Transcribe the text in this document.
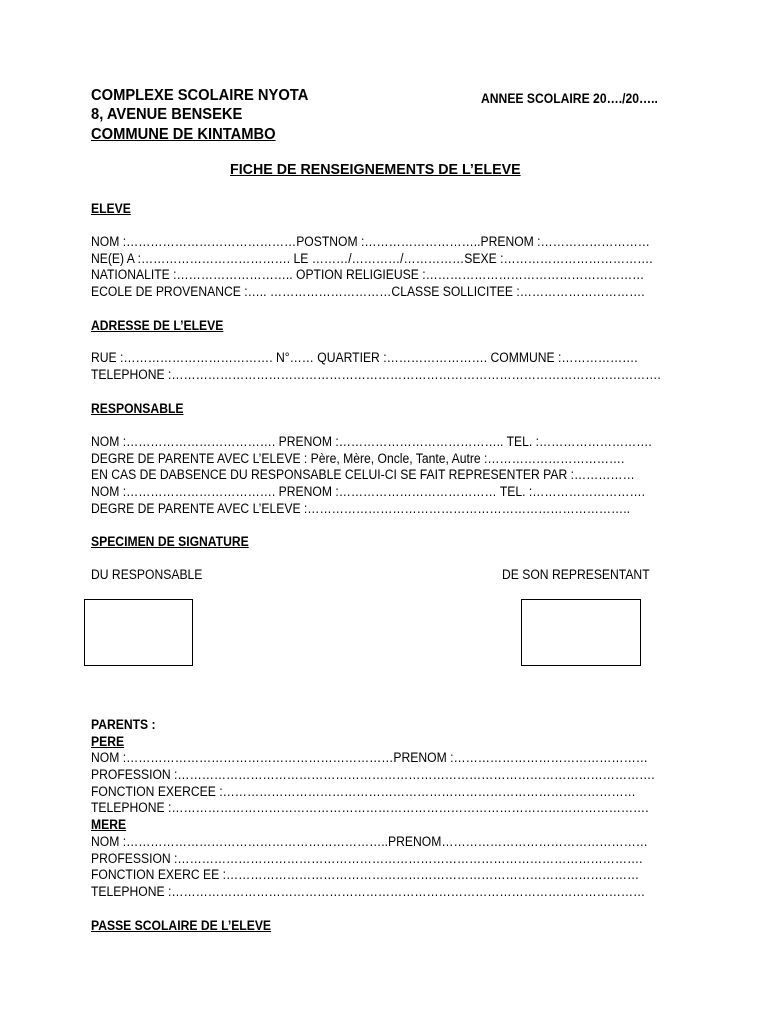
COMPLEXE SCOLAIRE NYOTA
8, AVENUE BENSEKE
COMMUNE DE KINTAMBO
ANNEE SCOLAIRE 20…./20…..
FICHE DE RENSEIGNEMENTS DE L’ELEVE
ELEVE
NOM :……………………………………POSTNOM :………………………..PRENOM :………………………
NE(E) A :………………………………. LE ………/…………/……………SEXE :……………………………….
NATIONALITE :……………………….. OPTION RELIGIEUSE :………………………………………………
ECOLE DE PROVENANCE :….. …………………………CLASSE SOLLICITEE :………………………….
ADRESSE DE L’ELEVE
RUE :………………………………. N°…… QUARTIER :……………………. COMMUNE :……………….
TELEPHONE :………………………………………………………………………………………………………….
RESPONSABLE
NOM :………………………………. PRENOM :………………………………….. TEL. :……………………….
DEGRE DE PARENTE AVEC L’ELEVE : Père, Mère, Oncle, Tante, Autre :…………………………….
EN CAS DE DABSENCE DU RESPONSABLE CELUI-CI SE FAIT REPRESENTER PAR :……………
NOM :………………………………. PRENOM :………………………………… TEL. :……………………….
DEGRE DE PARENTE AVEC L’ELEVE :……………………………………………………………………..
SPECIMEN DE SIGNATURE
DU RESPONSABLE	DE SON REPRESENTANT
PARENTS :
PERE
NOM :…………………………………………………………PRENOM :…………………………………………
PROFESSION :……………………………………………………………………………………………………….
FONCTION EXERCEE :…………………………………………………………………………………………
TELEPHONE :……………………………………………………………………………………………………….
MERE
NOM :………………………………………………………..PRENOM……………………………………………
PROFESSION :…………………………………………………………………………………………………….
FONCTION EXERC EE :…………………………………………………………………………………………
TELEPHONE :………………………………………………………………………………………………………
PASSE SCOLAIRE DE L’ELEVE
